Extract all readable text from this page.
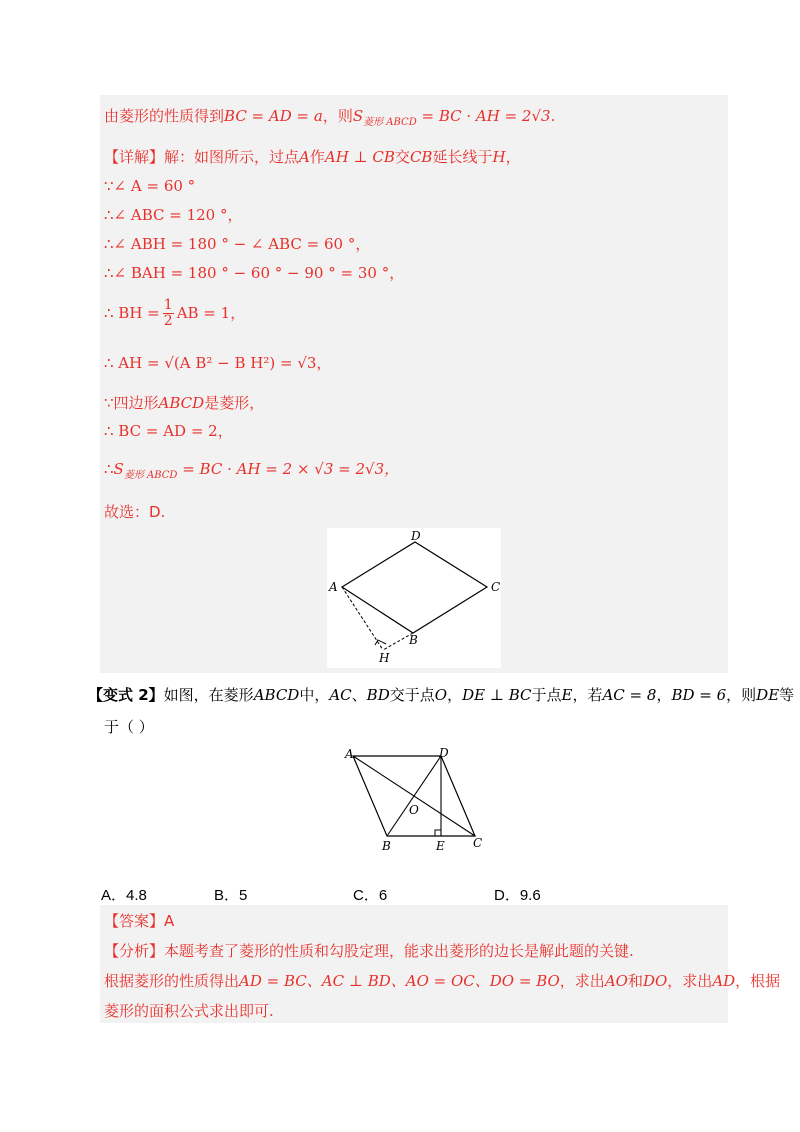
由菱形的性质得到BC = AD = a，则$S_{菱形 ABCD}$ = BC · AH = 2√3.
【详解】解：如图所示，过点A作AH ⊥ CB交CB延长线于H，
∵∠ A = 60 °
∴∠ ABC = 120 °，
∴∠ ABH = 180 ° − ∠ ABC = 60 °，
∴∠ BAH = 180 ° − 60 ° − 90 ° = 30 °，
∴ BH = $\frac{1}{2}$ AB = 1，
∴ AH = √(A B² − B H²) = √3，
∵四边形ABCD是菱形，
∴ BC = AD = 2，
$\therefore S_{菱形 ABCD}$ = BC · AH = 2 × √3 = 2√3，
故选：D.
D
A	C
B
H
【变式 2】如图，在菱形ABCD中，AC、BD交于点O，DE ⊥ BC于点E，若AC = 8，BD = 6，则DE等
于（ ）
A	D
O
B	E C
A．4.8	B．5	C．6	D．9.6
【答案】A
【分析】本题考查了菱形的性质和勾股定理，能求出菱形的边长是解此题的关键.
根据菱形的性质得出AD = BC、AC ⊥ BD、AO = OC、DO = BO，求出AO和DO，求出AD，根据
菱形的面积公式求出即可.
